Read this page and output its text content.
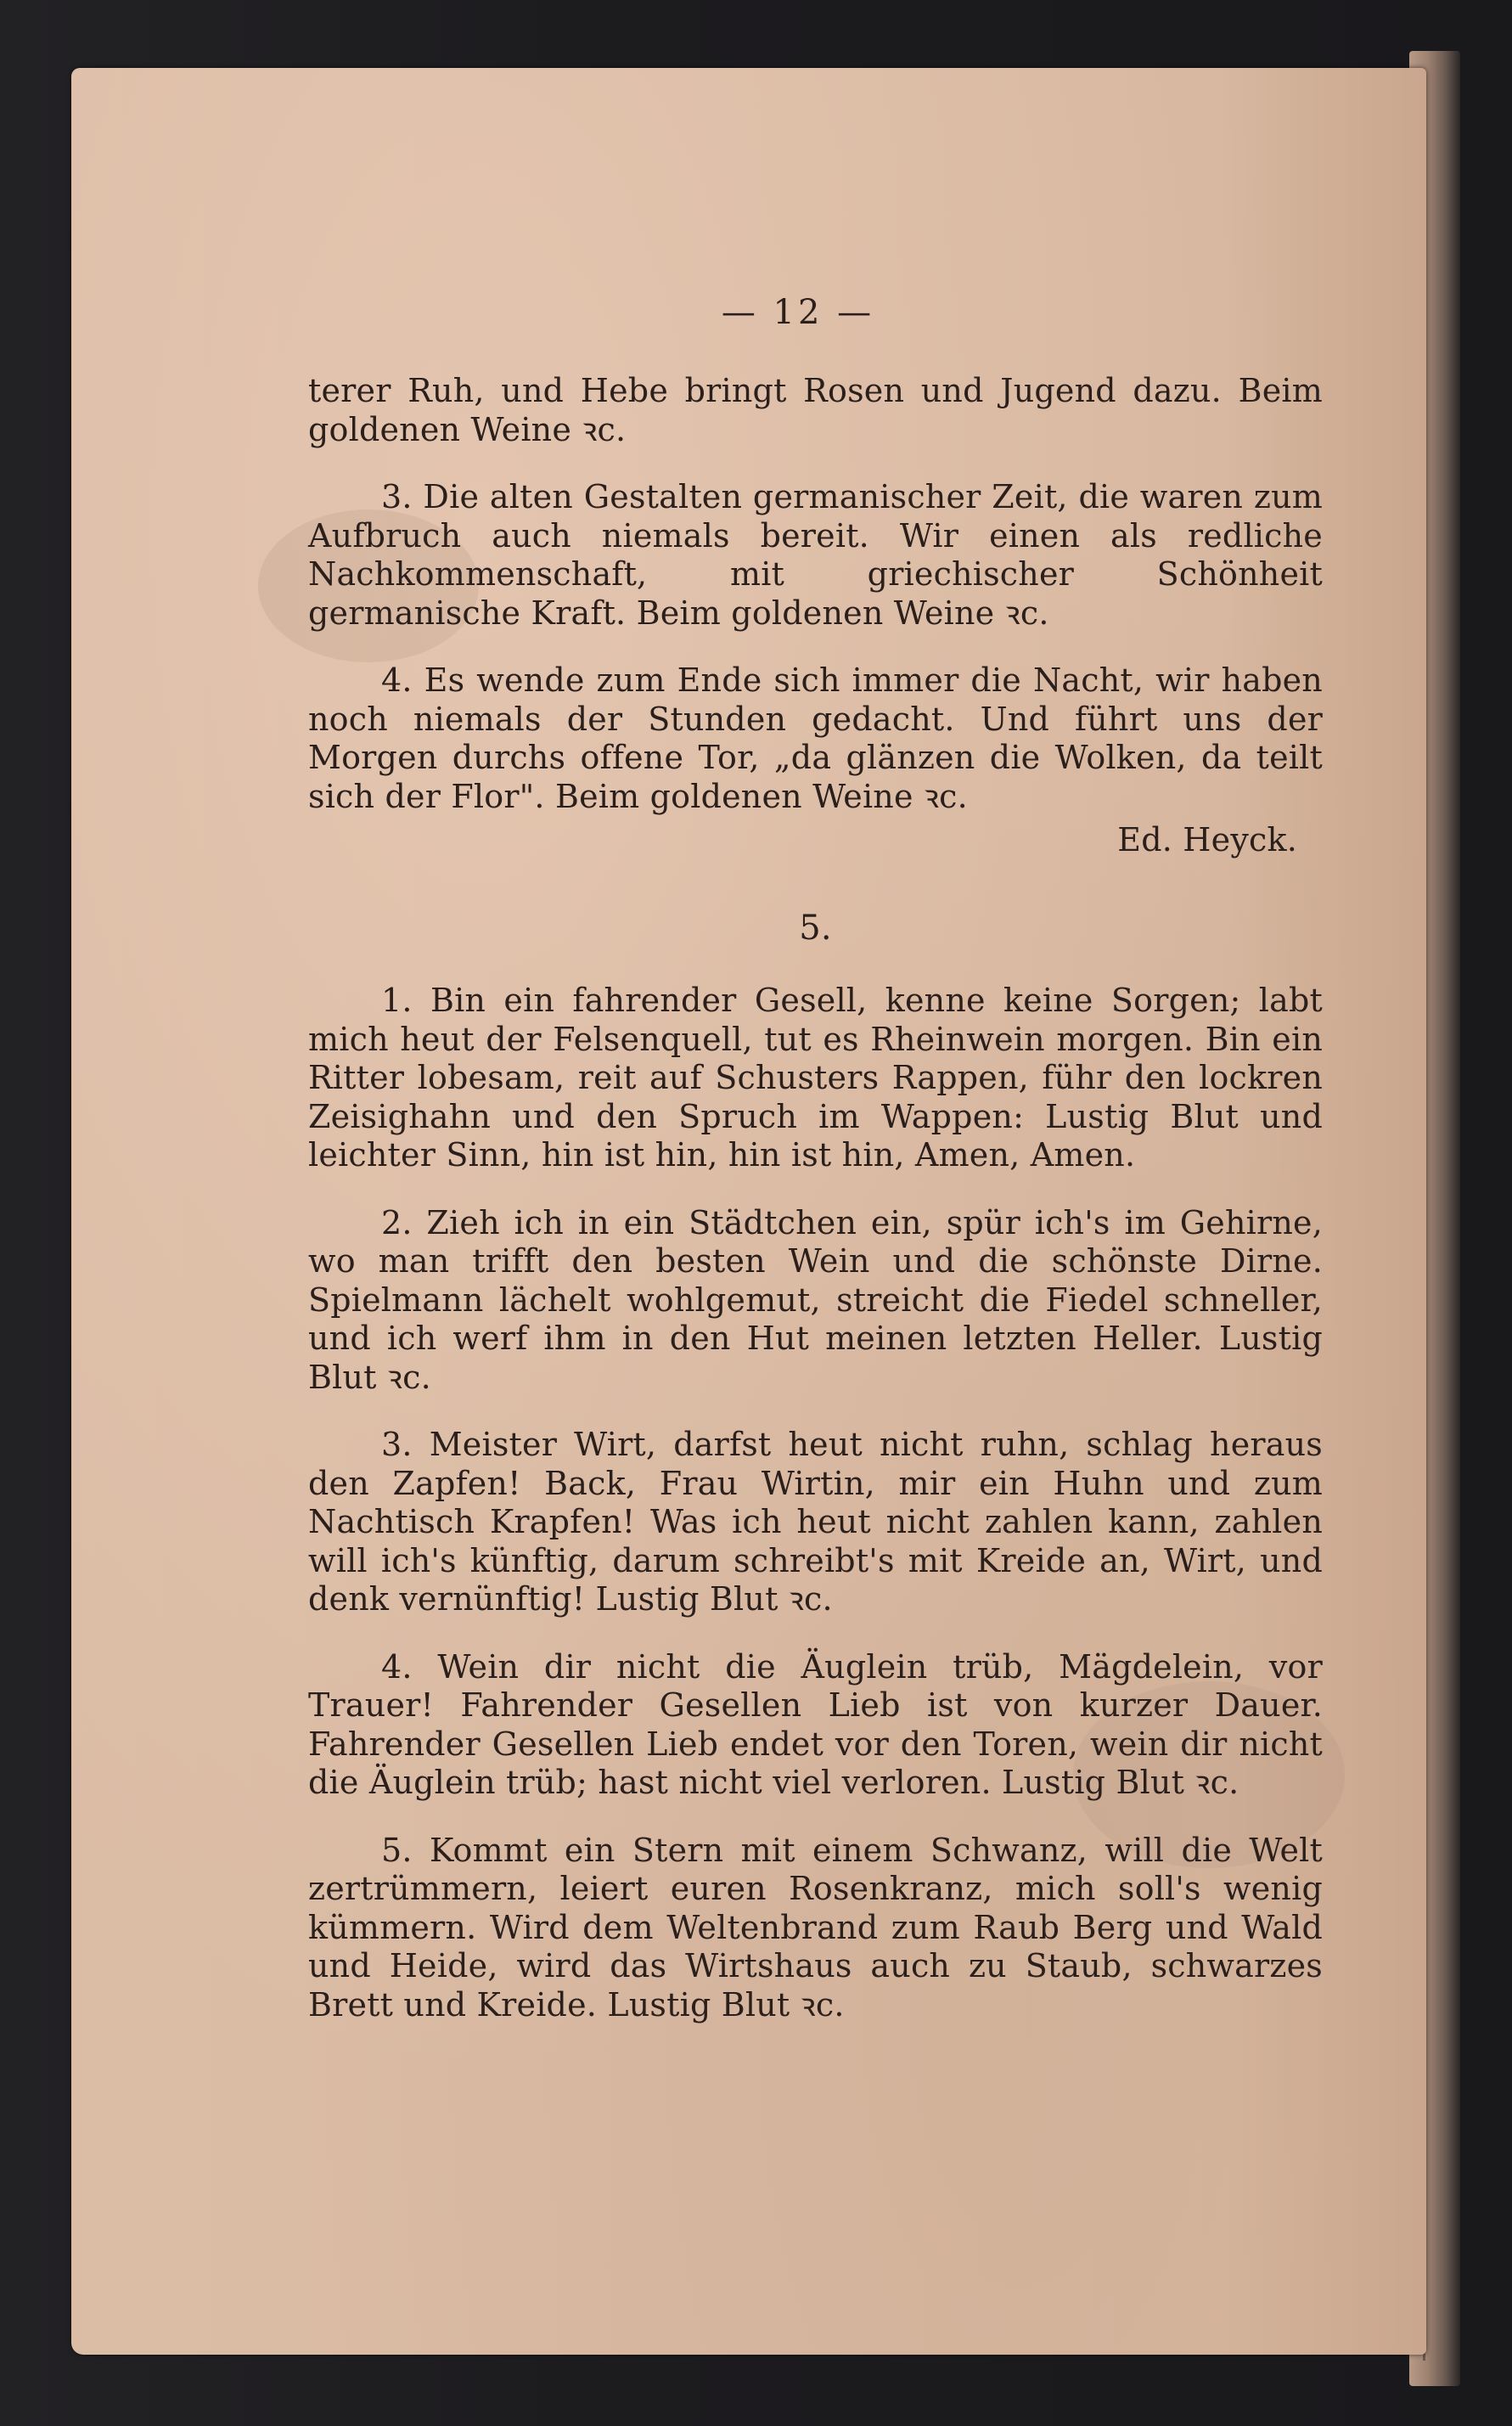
— 12 —

terer Ruh, und Hebe bringt Rosen und Jugend dazu. Beim goldenen Weine ꝛc.

3. Die alten Gestalten germanischer Zeit, die waren zum Aufbruch auch niemals bereit. Wir einen als redliche Nachkommenschaft, mit griechischer Schönheit germanische Kraft. Beim goldenen Weine ꝛc.

4. Es wende zum Ende sich immer die Nacht, wir haben noch niemals der Stunden gedacht. Und führt uns der Morgen durchs offene Tor, „da glänzen die Wolken, da teilt sich der Flor". Beim goldenen Weine ꝛc.

Ed. Heyck.

5.

1. Bin ein fahrender Gesell, kenne keine Sorgen; labt mich heut der Felsenquell, tut es Rheinwein morgen. Bin ein Ritter lobesam, reit auf Schusters Rappen, führ den lockren Zeisighahn und den Spruch im Wappen: Lustig Blut und leichter Sinn, hin ist hin, hin ist hin, Amen, Amen.

2. Zieh ich in ein Städtchen ein, spür ich's im Gehirne, wo man trifft den besten Wein und die schönste Dirne. Spielmann lächelt wohlgemut, streicht die Fiedel schneller, und ich werf ihm in den Hut meinen letzten Heller. Lustig Blut ꝛc.

3. Meister Wirt, darfst heut nicht ruhn, schlag heraus den Zapfen! Back, Frau Wirtin, mir ein Huhn und zum Nachtisch Krapfen! Was ich heut nicht zahlen kann, zahlen will ich's künftig, darum schreibt's mit Kreide an, Wirt, und denk vernünftig! Lustig Blut ꝛc.

4. Wein dir nicht die Äuglein trüb, Mägdelein, vor Trauer! Fahrender Gesellen Lieb ist von kurzer Dauer. Fahrender Gesellen Lieb endet vor den Toren, wein dir nicht die Äuglein trüb; hast nicht viel verloren. Lustig Blut ꝛc.

5. Kommt ein Stern mit einem Schwanz, will die Welt zertrümmern, leiert euren Rosenkranz, mich soll's wenig kümmern. Wird dem Weltenbrand zum Raub Berg und Wald und Heide, wird das Wirtshaus auch zu Staub, schwarzes Brett und Kreide. Lustig Blut ꝛc.
